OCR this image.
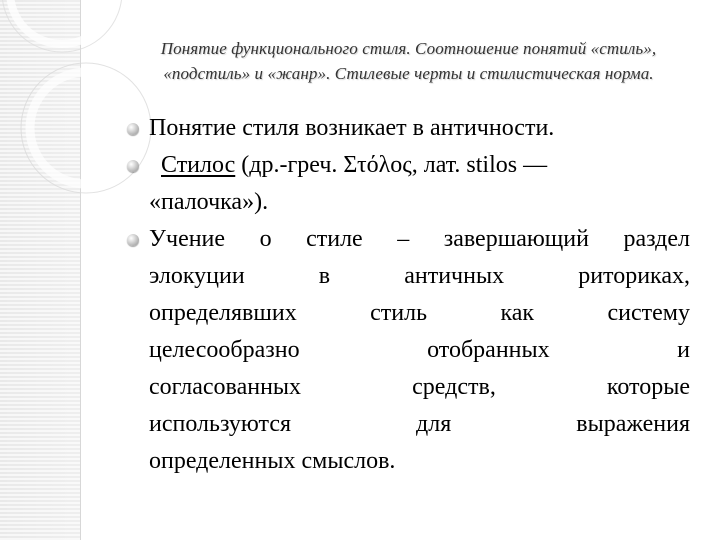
Понятие функционального стиля. Соотношение понятий «стиль»,
«подстиль» и «жанр». Стилевые черты и стилистическая норма.
Понятие стиля возникает в античности.
Стилос (др.-греч. Στόλος, лат. stilos —
«палочка»).
Учение о стиле – завершающий раздел
элокуции в античных риториках,
определявших стиль как систему
целесообразно отобранных и
согласованных средств, которые
используются для выражения
определенных смыслов.
